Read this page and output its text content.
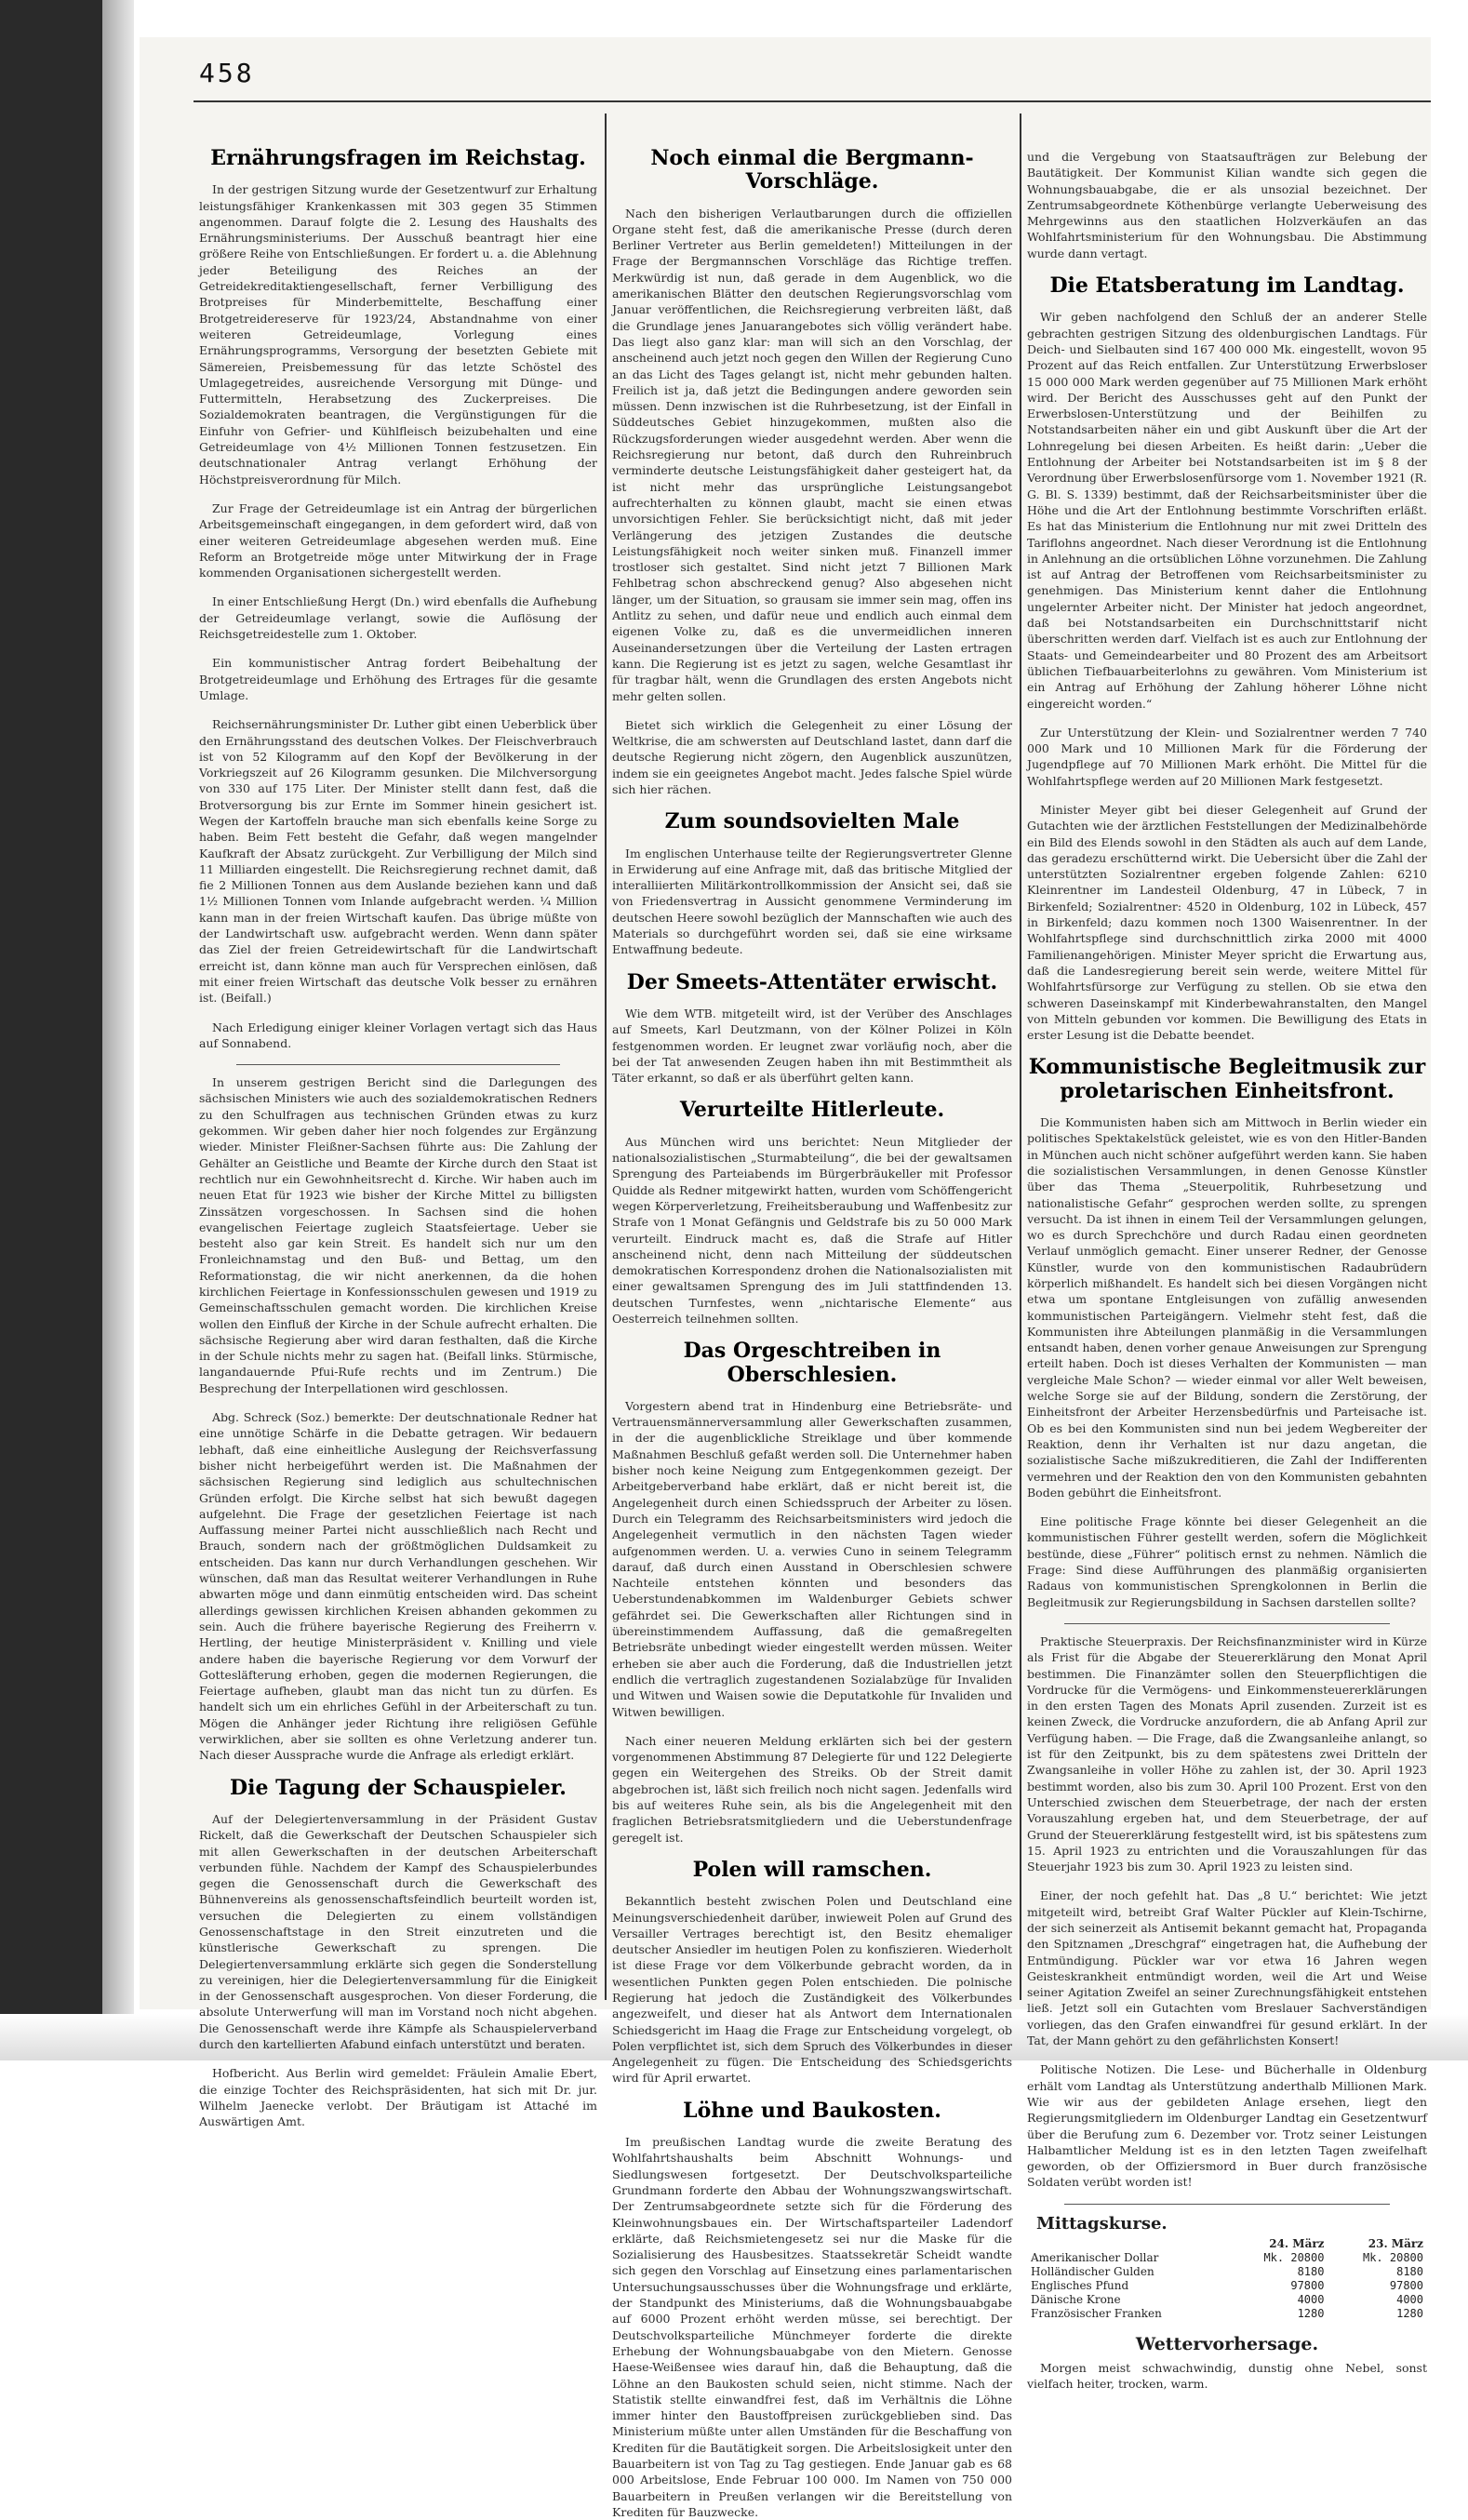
458
Ernährungsfragen im Reichstag.

In der gestrigen Sitzung wurde der Gesetzentwurf zur Erhaltung leistungsfähiger Krankenkassen mit 303 gegen 35 Stimmen angenommen. Darauf folgte die 2. Lesung des Haushalts des Ernährungsministeriums. Der Ausschuß beantragt hier eine größere Reihe von Entschließungen. Er fordert u. a. die Ablehnung jeder Beteiligung des Reiches an der Getreidekreditaktiengesellschaft, ferner Verbilligung des Brotpreises für Minderbemittelte, Beschaffung einer Brotgetreidereserve für 1923/24, Abstandnahme von einer weiteren Getreideumlage, Vorlegung eines Ernährungsprogramms, Versorgung der besetzten Gebiete mit Sämereien, Preisbemessung für das letzte Schöstel des Umlagegetreides, ausreichende Versorgung mit Dünge- und Futtermitteln, Herabsetzung des Zuckerpreises. Die Sozialdemokraten beantragen, die Vergünstigungen für die Einfuhr von Gefrier- und Kühlfleisch beizubehalten und eine Getreideumlage von 4½ Millionen Tonnen festzusetzen. Ein deutschnationaler Antrag verlangt Erhöhung der Höchstpreisverordnung für Milch.

Zur Frage der Getreideumlage ist ein Antrag der bürgerlichen Arbeitsgemeinschaft eingegangen, in dem gefordert wird, daß von einer weiteren Getreideumlage abgesehen werden muß. Eine Reform an Brotgetreide möge unter Mitwirkung der in Frage kommenden Organisationen sichergestellt werden.

In einer Entschließung Hergt (Dn.) wird ebenfalls die Aufhebung der Getreideumlage verlangt, sowie die Auflösung der Reichsgetreidestelle zum 1. Oktober.

Ein kommunistischer Antrag fordert Beibehaltung der Brotgetreideumlage und Erhöhung des Ertrages für die gesamte Umlage.

Reichsernährungsminister Dr. Luther gibt einen Ueberblick über den Ernährungsstand des deutschen Volkes. Der Fleischverbrauch ist von 52 Kilogramm auf den Kopf der Bevölkerung in der Vorkriegszeit auf 26 Kilogramm gesunken. Die Milchversorgung von 330 auf 175 Liter. Der Minister stellt dann fest, daß die Brotversorgung bis zur Ernte im Sommer hinein gesichert ist. Wegen der Kartoffeln brauche man sich ebenfalls keine Sorge zu haben. Beim Fett besteht die Gefahr, daß wegen mangelnder Kaufkraft der Absatz zurückgeht. Zur Verbilligung der Milch sind 11 Milliarden eingestellt. Die Reichsregierung rechnet damit, daß fie 2 Millionen Tonnen aus dem Auslande beziehen kann und daß 1½ Millionen Tonnen vom Inlande aufgebracht werden. ¼ Million kann man in der freien Wirtschaft kaufen. Das übrige müßte von der Landwirtschaft usw. aufgebracht werden. Wenn dann später das Ziel der freien Getreidewirtschaft für die Landwirtschaft erreicht ist, dann könne man auch für Versprechen einlösen, daß mit einer freien Wirtschaft das deutsche Volk besser zu ernähren ist. (Beifall.)

Nach Erledigung einiger kleiner Vorlagen vertagt sich das Haus auf Sonnabend.

In unserem gestrigen Bericht sind die Darlegungen des sächsischen Ministers wie auch des sozialdemokratischen Redners zu den Schulfragen aus technischen Gründen etwas zu kurz gekommen. Wir geben daher hier noch folgendes zur Ergänzung wieder. Minister Fleißner-Sachsen führte aus: Die Zahlung der Gehälter an Geistliche und Beamte der Kirche durch den Staat ist rechtlich nur ein Gewohnheitsrecht d. Kirche. Wir haben auch im neuen Etat für 1923 wie bisher der Kirche Mittel zu billigsten Zinssätzen vorgeschossen. In Sachsen sind die hohen evangelischen Feiertage zugleich Staatsfeiertage. Ueber sie besteht also gar kein Streit. Es handelt sich nur um den Fronleichnamstag und den Buß- und Bettag, um den Reformationstag, die wir nicht anerkennen, da die hohen kirchlichen Feiertage in Konfessionsschulen gewesen und 1919 zu Gemeinschaftsschulen gemacht worden. Die kirchlichen Kreise wollen den Einfluß der Kirche in der Schule aufrecht erhalten. Die sächsische Regierung aber wird daran festhalten, daß die Kirche in der Schule nichts mehr zu sagen hat. (Beifall links. Stürmische, langandauernde Pfui-Rufe rechts und im Zentrum.) Die Besprechung der Interpellationen wird geschlossen.

Abg. Schreck (Soz.) bemerkte: Der deutschnationale Redner hat eine unnötige Schärfe in die Debatte getragen. Wir bedauern lebhaft, daß eine einheitliche Auslegung der Reichsverfassung bisher nicht herbeigeführt werden ist. Die Maßnahmen der sächsischen Regierung sind lediglich aus schultechnischen Gründen erfolgt. Die Kirche selbst hat sich bewußt dagegen aufgelehnt. Die Frage der gesetzlichen Feiertage ist nach Auffassung meiner Partei nicht ausschließlich nach Recht und Brauch, sondern nach der größtmöglichen Duldsamkeit zu entscheiden. Das kann nur durch Verhandlungen geschehen. Wir wünschen, daß man das Resultat weiterer Verhandlungen in Ruhe abwarten möge und dann einmütig entscheiden wird. Das scheint allerdings gewissen kirchlichen Kreisen abhanden gekommen zu sein. Auch die frühere bayerische Regierung des Freiherrn v. Hertling, der heutige Ministerpräsident v. Knilling und viele andere haben die bayerische Regierung vor dem Vorwurf der Gottesläfterung erhoben, gegen die modernen Regierungen, die Feiertage aufheben, glaubt man das nicht tun zu dürfen. Es handelt sich um ein ehrliches Gefühl in der Arbeiterschaft zu tun. Mögen die Anhänger jeder Richtung ihre religiösen Gefühle verwirklichen, aber sie sollten es ohne Verletzung anderer tun. Nach dieser Aussprache wurde die Anfrage als erledigt erklärt.

Die Tagung der Schauspieler.

Auf der Delegiertenversammlung in der Präsident Gustav Rickelt, daß die Gewerkschaft der Deutschen Schauspieler sich mit allen Gewerkschaften in der deutschen Arbeiterschaft verbunden fühle. Nachdem der Kampf des Schauspielerbundes gegen die Genossenschaft durch die Gewerkschaft des Bühnenvereins als genossenschaftsfeindlich beurteilt worden ist, versuchen die Delegierten zu einem vollständigen Genossenschaftstage in den Streit einzutreten und die künstlerische Gewerkschaft zu sprengen. Die Delegiertenversammlung erklärte sich gegen die Sonderstellung zu vereinigen, hier die Delegiertenversammlung für die Einigkeit in der Genossenschaft ausgesprochen. Von dieser Forderung, die absolute Unterwerfung will man im Vorstand noch nicht abgehen. Die Genossenschaft werde ihre Kämpfe als Schauspielerverband durch den kartellierten Afabund einfach unterstützt und beraten.

Hofbericht. Aus Berlin wird gemeldet: Fräulein Amalie Ebert, die einzige Tochter des Reichspräsidenten, hat sich mit Dr. jur. Wilhelm Jaenecke verlobt. Der Bräutigam ist Attaché im Auswärtigen Amt.

Noch einmal die Bergmann-Vorschläge.

Nach den bisherigen Verlautbarungen durch die offiziellen Organe steht fest, daß die amerikanische Presse (durch deren Berliner Vertreter aus Berlin gemeldeten!) Mitteilungen in der Frage der Bergmannschen Vorschläge das Richtige treffen. Merkwürdig ist nun, daß gerade in dem Augenblick, wo die amerikanischen Blätter den deutschen Regierungsvorschlag vom Januar veröffentlichen, die Reichsregierung verbreiten läßt, daß die Grundlage jenes Januarangebotes sich völlig verändert habe. Das liegt also ganz klar: man will sich an den Vorschlag, der anscheinend auch jetzt noch gegen den Willen der Regierung Cuno an das Licht des Tages gelangt ist, nicht mehr gebunden halten. Freilich ist ja, daß jetzt die Bedingungen andere geworden sein müssen. Denn inzwischen ist die Ruhrbesetzung, ist der Einfall in Süddeutsches Gebiet hinzugekommen, mußten also die Rückzugsforderungen wieder ausgedehnt werden. Aber wenn die Reichsregierung nur betont, daß durch den Ruhreinbruch verminderte deutsche Leistungsfähigkeit daher gesteigert hat, da ist nicht mehr das ursprüngliche Leistungsangebot aufrechterhalten zu können glaubt, macht sie einen etwas unvorsichtigen Fehler. Sie berücksichtigt nicht, daß mit jeder Verlängerung des jetzigen Zustandes die deutsche Leistungsfähigkeit noch weiter sinken muß. Finanzell immer trostloser sich gestaltet. Sind nicht jetzt 7 Billionen Mark Fehlbetrag schon abschreckend genug? Also abgesehen nicht länger, um der Situation, so grausam sie immer sein mag, offen ins Antlitz zu sehen, und dafür neue und endlich auch einmal dem eigenen Volke zu, daß es die unvermeidlichen inneren Auseinandersetzungen über die Verteilung der Lasten ertragen kann. Die Regierung ist es jetzt zu sagen, welche Gesamtlast ihr für tragbar hält, wenn die Grundlagen des ersten Angebots nicht mehr gelten sollen.

Bietet sich wirklich die Gelegenheit zu einer Lösung der Weltkrise, die am schwersten auf Deutschland lastet, dann darf die deutsche Regierung nicht zögern, den Augenblick auszunützen, indem sie ein geeignetes Angebot macht. Jedes falsche Spiel würde sich hier rächen.

Zum soundsovielten Male

Im englischen Unterhause teilte der Regierungsvertreter Glenne in Erwiderung auf eine Anfrage mit, daß das britische Mitglied der interalliierten Militärkontrollkommission der Ansicht sei, daß sie von Friedensvertrag in Aussicht genommene Verminderung im deutschen Heere sowohl bezüglich der Mannschaften wie auch des Materials so durchgeführt worden sei, daß sie eine wirksame Entwaffnung bedeute.

Der Smeets-Attentäter erwischt.

Wie dem WTB. mitgeteilt wird, ist der Verüber des Anschlages auf Smeets, Karl Deutzmann, von der Kölner Polizei in Köln festgenommen worden. Er leugnet zwar vorläufig noch, aber die bei der Tat anwesenden Zeugen haben ihn mit Bestimmtheit als Täter erkannt, so daß er als überführt gelten kann.

Verurteilte Hitlerleute.

Aus München wird uns berichtet: Neun Mitglieder der nationalsozialistischen „Sturmabteilung“, die bei der gewaltsamen Sprengung des Parteiabends im Bürgerbräukeller mit Professor Quidde als Redner mitgewirkt hatten, wurden vom Schöffengericht wegen Körperverletzung, Freiheitsberaubung und Waffenbesitz zur Strafe von 1 Monat Gefängnis und Geldstrafe bis zu 50 000 Mark verurteilt. Eindruck macht es, daß die Strafe auf Hitler anscheinend nicht, denn nach Mitteilung der süddeutschen demokratischen Korrespondenz drohen die Nationalsozialisten mit einer gewaltsamen Sprengung des im Juli stattfindenden 13. deutschen Turnfestes, wenn „nichtarische Elemente“ aus Oesterreich teilnehmen sollten.

Das Orgeschtreiben in Oberschlesien.

Vorgestern abend trat in Hindenburg eine Betriebsräte- und Vertrauensmännerversammlung aller Gewerkschaften zusammen, in der die augenblickliche Streiklage und über kommende Maßnahmen Beschluß gefaßt werden soll. Die Unternehmer haben bisher noch keine Neigung zum Entgegenkommen gezeigt. Der Arbeitgeberverband habe erklärt, daß er nicht bereit ist, die Angelegenheit durch einen Schiedsspruch der Arbeiter zu lösen. Durch ein Telegramm des Reichsarbeitsministers wird jedoch die Angelegenheit vermutlich in den nächsten Tagen wieder aufgenommen werden. U. a. verwies Cuno in seinem Telegramm darauf, daß durch einen Ausstand in Oberschlesien schwere Nachteile entstehen könnten und besonders das Ueberstundenabkommen im Waldenburger Gebiets schwer gefährdet sei. Die Gewerkschaften aller Richtungen sind in übereinstimmendem Auffassung, daß die gemaßregelten Betriebsräte unbedingt wieder eingestellt werden müssen. Weiter erheben sie aber auch die Forderung, daß die Industriellen jetzt endlich die vertraglich zugestandenen Sozialabzüge für Invaliden und Witwen und Waisen sowie die Deputatkohle für Invaliden und Witwen bewilligen.

Nach einer neueren Meldung erklärten sich bei der gestern vorgenommenen Abstimmung 87 Delegierte für und 122 Delegierte gegen ein Weitergehen des Streiks. Ob der Streit damit abgebrochen ist, läßt sich freilich noch nicht sagen. Jedenfalls wird bis auf weiteres Ruhe sein, als bis die Angelegenheit mit den fraglichen Betriebsratsmitgliedern und die Ueberstundenfrage geregelt ist.

Polen will ramschen.

Bekanntlich besteht zwischen Polen und Deutschland eine Meinungsverschiedenheit darüber, inwieweit Polen auf Grund des Versailler Vertrages berechtigt ist, den Besitz ehemaliger deutscher Ansiedler im heutigen Polen zu konfiszieren. Wiederholt ist diese Frage vor dem Völkerbunde gebracht worden, da in wesentlichen Punkten gegen Polen entschieden. Die polnische Regierung hat jedoch die Zuständigkeit des Völkerbundes angezweifelt, und dieser hat als Antwort dem Internationalen Schiedsgericht im Haag die Frage zur Entscheidung vorgelegt, ob Polen verpflichtet ist, sich dem Spruch des Völkerbundes in dieser Angelegenheit zu fügen. Die Entscheidung des Schiedsgerichts wird für April erwartet.

Löhne und Baukosten.

Im preußischen Landtag wurde die zweite Beratung des Wohlfahrtshaushalts beim Abschnitt Wohnungs- und Siedlungswesen fortgesetzt. Der Deutschvolksparteiliche Grundmann forderte den Abbau der Wohnungszwangswirtschaft. Der Zentrumsabgeordnete setzte sich für die Förderung des Kleinwohnungsbaues ein. Der Wirtschaftsparteiler Ladendorf erklärte, daß Reichsmietengesetz sei nur die Maske für die Sozialisierung des Hausbesitzes. Staatssekretär Scheidt wandte sich gegen den Vorschlag auf Einsetzung eines parlamentarischen Untersuchungsausschusses über die Wohnungsfrage und erklärte, der Standpunkt des Ministeriums, daß die Wohnungsbauabgabe auf 6000 Prozent erhöht werden müsse, sei berechtigt. Der Deutschvolksparteiliche Münchmeyer forderte die direkte Erhebung der Wohnungsbauabgabe von den Mietern. Genosse Haese-Weißensee wies darauf hin, daß die Behauptung, daß die Löhne an den Baukosten schuld seien, nicht stimme. Nach der Statistik stellte einwandfrei fest, daß im Verhältnis die Löhne immer hinter den Baustoffpreisen zurückgeblieben sind. Das Ministerium müßte unter allen Umständen für die Beschaffung von Krediten für die Bautätigkeit sorgen. Die Arbeitslosigkeit unter den Bauarbeitern ist von Tag zu Tag gestiegen. Ende Januar gab es 68 000 Arbeitslose, Ende Februar 100 000. Im Namen von 750 000 Bauarbeitern in Preußen verlangen wir die Bereitstellung von Krediten für Bauzwecke.

und die Vergebung von Staatsaufträgen zur Belebung der Bautätigkeit. Der Kommunist Kilian wandte sich gegen die Wohnungsbauabgabe, die er als unsozial bezeichnet. Der Zentrumsabgeordnete Köthenbürge verlangte Ueberweisung des Mehrgewinns aus den staatlichen Holzverkäufen an das Wohlfahrtsministerium für den Wohnungsbau. Die Abstimmung wurde dann vertagt.

Die Etatsberatung im Landtag.

Wir geben nachfolgend den Schluß der an anderer Stelle gebrachten gestrigen Sitzung des oldenburgischen Landtags. Für Deich- und Sielbauten sind 167 400 000 Mk. eingestellt, wovon 95 Prozent auf das Reich entfallen. Zur Unterstützung Erwerbsloser 15 000 000 Mark werden gegenüber auf 75 Millionen Mark erhöht wird. Der Bericht des Ausschusses geht auf den Punkt der Erwerbslosen-Unterstützung und der Beihilfen zu Notstandsarbeiten näher ein und gibt Auskunft über die Art der Lohnregelung bei diesen Arbeiten. Es heißt darin: „Ueber die Entlohnung der Arbeiter bei Notstandsarbeiten ist im § 8 der Verordnung über Erwerbslosenfürsorge vom 1. November 1921 (R. G. Bl. S. 1339) bestimmt, daß der Reichsarbeitsminister über die Höhe und die Art der Entlohnung bestimmte Vorschriften erläßt. Es hat das Ministerium die Entlohnung nur mit zwei Dritteln des Tariflohns angeordnet. Nach dieser Verordnung ist die Entlohnung in Anlehnung an die ortsüblichen Löhne vorzunehmen. Die Zahlung ist auf Antrag der Betroffenen vom Reichsarbeitsminister zu genehmigen. Das Ministerium kennt daher die Entlohnung ungelernter Arbeiter nicht. Der Minister hat jedoch angeordnet, daß bei Notstandsarbeiten ein Durchschnittstarif nicht überschritten werden darf. Vielfach ist es auch zur Entlohnung der Staats- und Gemeindearbeiter und 80 Prozent des am Arbeitsort üblichen Tiefbauarbeiterlohns zu gewähren. Vom Ministerium ist ein Antrag auf Erhöhung der Zahlung höherer Löhne nicht eingereicht worden.“

Zur Unterstützung der Klein- und Sozialrentner werden 7 740 000 Mark und 10 Millionen Mark für die Förderung der Jugendpflege auf 70 Millionen Mark erhöht. Die Mittel für die Wohlfahrtspflege werden auf 20 Millionen Mark festgesetzt.

Minister Meyer gibt bei dieser Gelegenheit auf Grund der Gutachten wie der ärztlichen Feststellungen der Medizinalbehörde ein Bild des Elends sowohl in den Städten als auch auf dem Lande, das geradezu erschütternd wirkt. Die Uebersicht über die Zahl der unterstützten Sozialrentner ergeben folgende Zahlen: 6210 Kleinrentner im Landesteil Oldenburg, 47 in Lübeck, 7 in Birkenfeld; Sozialrentner: 4520 in Oldenburg, 102 in Lübeck, 457 in Birkenfeld; dazu kommen noch 1300 Waisenrentner. In der Wohlfahrtspflege sind durchschnittlich zirka 2000 mit 4000 Familienangehörigen. Minister Meyer spricht die Erwartung aus, daß die Landesregierung bereit sein werde, weitere Mittel für Wohlfahrtsfürsorge zur Verfügung zu stellen. Ob sie etwa den schweren Daseinskampf mit Kinderbewahranstalten, den Mangel von Mitteln gebunden vor kommen. Die Bewilligung des Etats in erster Lesung ist die Debatte beendet.

Kommunistische Begleitmusik zur proletarischen Einheitsfront.

Die Kommunisten haben sich am Mittwoch in Berlin wieder ein politisches Spektakelstück geleistet, wie es von den Hitler-Banden in München auch nicht schöner aufgeführt werden kann. Sie haben die sozialistischen Versammlungen, in denen Genosse Künstler über das Thema „Steuerpolitik, Ruhrbesetzung und nationalistische Gefahr“ gesprochen werden sollte, zu sprengen versucht. Da ist ihnen in einem Teil der Versammlungen gelungen, wo es durch Sprechchöre und durch Radau einen geordneten Verlauf unmöglich gemacht. Einer unserer Redner, der Genosse Künstler, wurde von den kommunistischen Radaubrüdern körperlich mißhandelt. Es handelt sich bei diesen Vorgängen nicht etwa um spontane Entgleisungen von zufällig anwesenden kommunistischen Parteigängern. Vielmehr steht fest, daß die Kommunisten ihre Abteilungen planmäßig in die Versammlungen entsandt haben, denen vorher genaue Anweisungen zur Sprengung erteilt haben. Doch ist dieses Verhalten der Kommunisten — man vergleiche Male Schon? — wieder einmal vor aller Welt beweisen, welche Sorge sie auf der Bildung, sondern die Zerstörung, der Einheitsfront der Arbeiter Herzensbedürfnis und Parteisache ist. Ob es bei den Kommunisten sind nun bei jedem Wegbereiter der Reaktion, denn ihr Verhalten ist nur dazu angetan, die sozialistische Sache mißzukreditieren, die Zahl der Indifferenten vermehren und der Reaktion den von den Kommunisten gebahnten Boden gebührt die Einheitsfront.

Eine politische Frage könnte bei dieser Gelegenheit an die kommunistischen Führer gestellt werden, sofern die Möglichkeit bestünde, diese „Führer“ politisch ernst zu nehmen. Nämlich die Frage: Sind diese Aufführungen des planmäßig organisierten Radaus von kommunistischen Sprengkolonnen in Berlin die Begleitmusik zur Regierungsbildung in Sachsen darstellen sollte?

Praktische Steuerpraxis. Der Reichsfinanzminister wird in Kürze als Frist für die Abgabe der Steuererklärung den Monat April bestimmen. Die Finanzämter sollen den Steuerpflichtigen die Vordrucke für die Vermögens- und Einkommensteuererklärungen in den ersten Tagen des Monats April zusenden. Zurzeit ist es keinen Zweck, die Vordrucke anzufordern, die ab Anfang April zur Verfügung haben. — Die Frage, daß die Zwangsanleihe anlangt, so ist für den Zeitpunkt, bis zu dem spätestens zwei Dritteln der Zwangsanleihe in voller Höhe zu zahlen ist, der 30. April 1923 bestimmt worden, also bis zum 30. April 100 Prozent. Erst von den Unterschied zwischen dem Steuerbetrage, der nach der ersten Vorauszahlung ergeben hat, und dem Steuerbetrage, der auf Grund der Steuererklärung festgestellt wird, ist bis spätestens zum 15. April 1923 zu entrichten und die Vorauszahlungen für das Steuerjahr 1923 bis zum 30. April 1923 zu leisten sind.

Einer, der noch gefehlt hat. Das „8 U.“ berichtet: Wie jetzt mitgeteilt wird, betreibt Graf Walter Pückler auf Klein-Tschirne, der sich seinerzeit als Antisemit bekannt gemacht hat, Propaganda den Spitznamen „Dreschgraf“ eingetragen hat, die Aufhebung der Entmündigung. Pückler war vor etwa 16 Jahren wegen Geisteskrankheit entmündigt worden, weil die Art und Weise seiner Agitation Zweifel an seiner Zurechnungsfähigkeit entstehen ließ. Jetzt soll ein Gutachten vom Breslauer Sachverständigen vorliegen, das den Grafen einwandfrei für gesund erklärt. In der Tat, der Mann gehört zu den gefährlichsten Konsert!

Politische Notizen. Die Lese- und Bücherhalle in Oldenburg erhält vom Landtag als Unterstützung anderthalb Millionen Mark. Wie wir aus der gebildeten Anlage ersehen, liegt den Regierungsmitgliedern im Oldenburger Landtag ein Gesetzentwurf über die Berufung zum 6. Dezember vor. Trotz seiner Leistungen Halbamtlicher Meldung ist es in den letzten Tagen zweifelhaft geworden, ob der Offiziersmord in Buer durch französische Soldaten verübt worden ist!

Mittagskurse.
	24. März	23. März
Amerikanischer Dollar	Mk. 20800	Mk. 20800
Holländischer Gulden	8180	8180
Englisches Pfund	97800	97800
Dänische Krone	4000	4000
Französischer Franken	1280	1280
Wettervorhersage.

Morgen meist schwachwindig, dunstig ohne Nebel, sonst vielfach heiter, trocken, warm.
